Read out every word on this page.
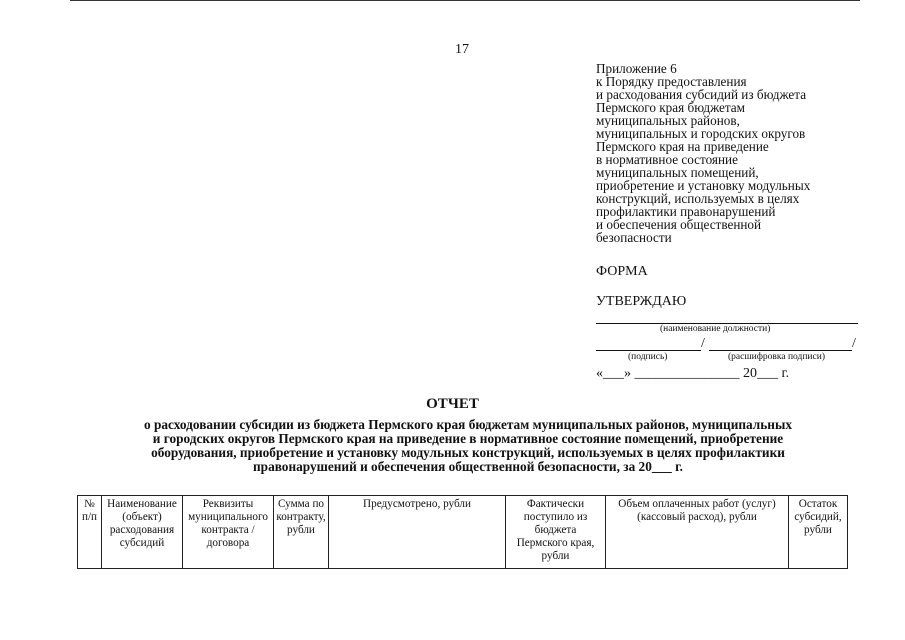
17
Приложение 6
к Порядку предоставления
и расходования субсидий из бюджета
Пермского края бюджетам
муниципальных районов,
муниципальных и городских округов
Пермского края на приведение
в нормативное состояние
муниципальных помещений,
приобретение и установку модульных
конструкций, используемых в целях
профилактики правонарушений
и обеспечения общественной
безопасности
ФОРМА
УТВЕРЖДАЮ
(наименование должности)
/	/
(подпись)	(расшифровка подписи)
«___» _______________ 20___ г.
ОТЧЕТ
о расходовании субсидии из бюджета Пермского края бюджетам муниципальных районов, муниципальных
и городских округов Пермского края на приведение в нормативное состояние помещений, приобретение
оборудования, приобретение и установку модульных конструкций, используемых в целях профилактики
правонарушений и обеспечения общественной безопасности, за 20___ г.
№ п/п	Наименование (объект) расходования субсидий	Реквизиты муниципального контракта / договора	Сумма по контракту, рубли	Предусмотрено, рубли	Фактически поступило из бюджета Пермского края, рубли	Объем оплаченных работ (услуг) (кассовый расход), рубли	Остаток субсидий, рубли
